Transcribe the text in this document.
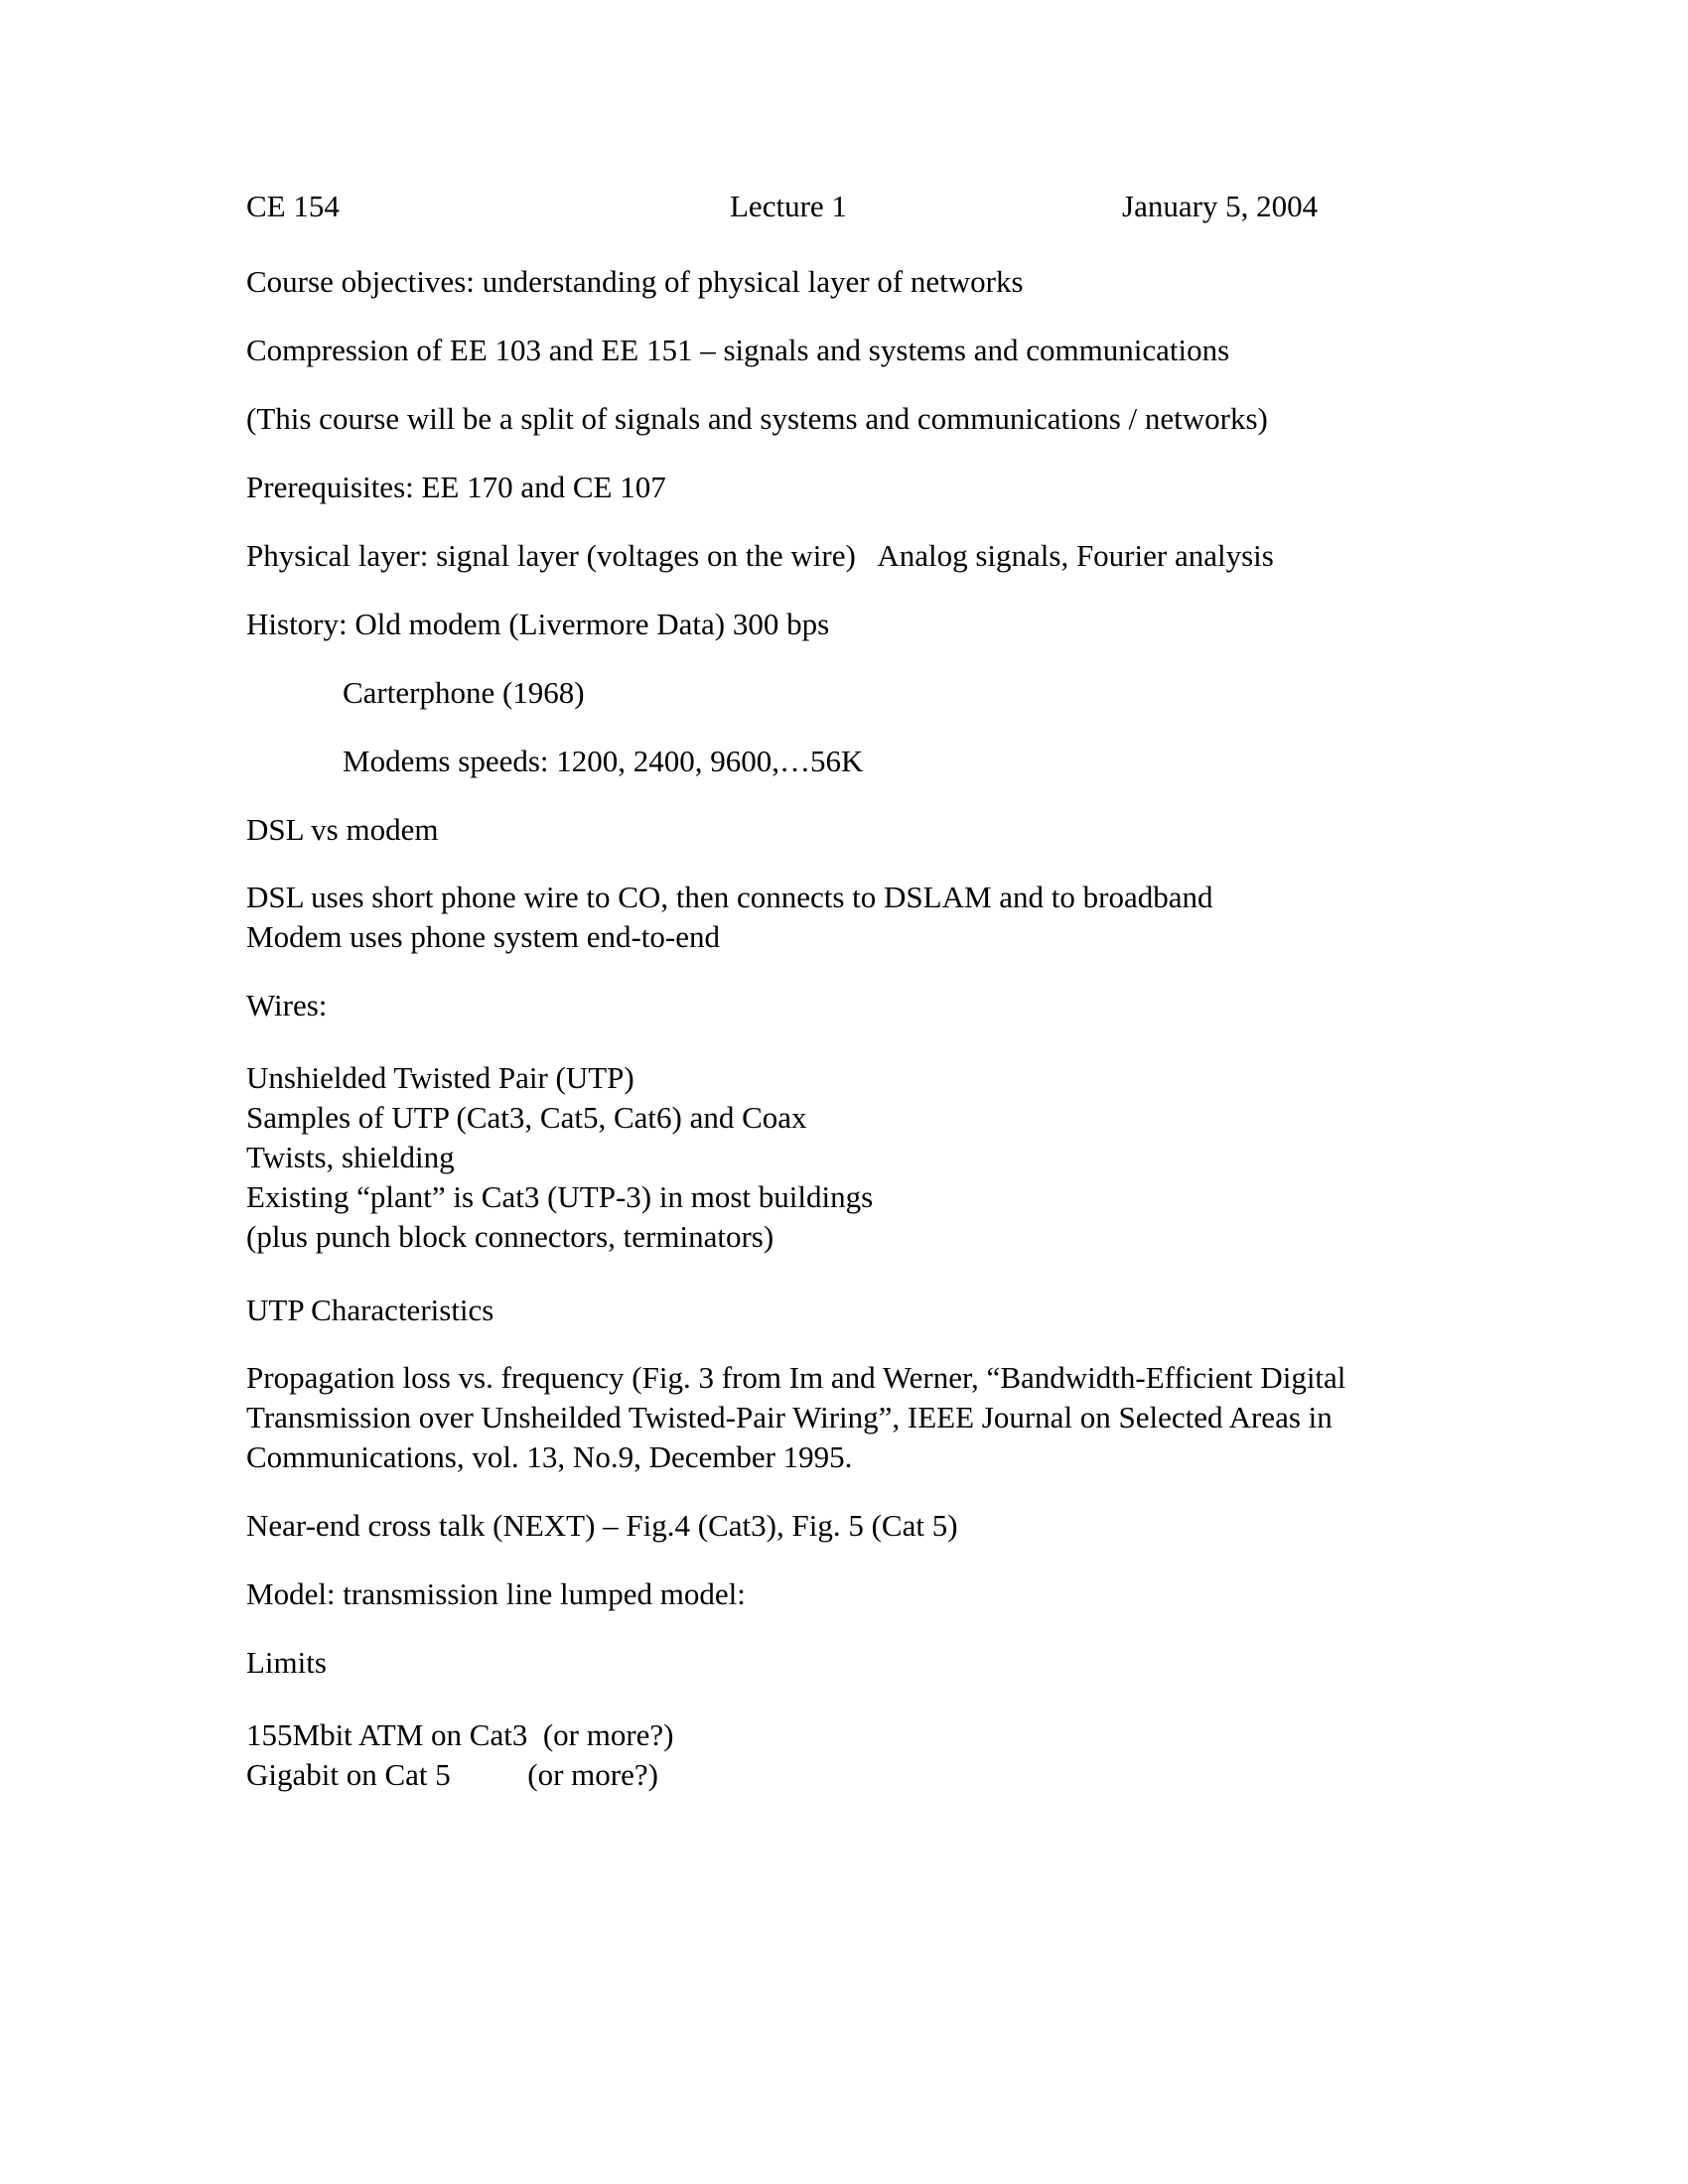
CE 154	Lecture 1	January 5, 2004

Course objectives: understanding of physical layer of networks

Compression of EE 103 and EE 151 – signals and systems and communications

(This course will be a split of signals and systems and communications / networks)

Prerequisites: EE 170 and CE 107

Physical layer: signal layer (voltages on the wire)   Analog signals, Fourier analysis

History: Old modem (Livermore Data) 300 bps

Carterphone (1968)

Modems speeds: 1200, 2400, 9600,…56K

DSL vs modem

DSL uses short phone wire to CO, then connects to DSLAM and to broadband

Modem uses phone system end-to-end

Wires:

Unshielded Twisted Pair (UTP)

Samples of UTP (Cat3, Cat5, Cat6) and Coax

Twists, shielding

Existing “plant” is Cat3 (UTP-3) in most buildings

(plus punch block connectors, terminators)

UTP Characteristics

Propagation loss vs. frequency (Fig. 3 from Im and Werner, “Bandwidth-Efficient Digital Transmission over Unsheilded Twisted-Pair Wiring”, IEEE Journal on Selected Areas in Communications, vol. 13, No.9, December 1995.

Near-end cross talk (NEXT) – Fig.4 (Cat3), Fig. 5 (Cat 5)

Model: transmission line lumped model:

Limits

155Mbit ATM on Cat3  (or more?)

Gigabit on Cat 5          (or more?)
